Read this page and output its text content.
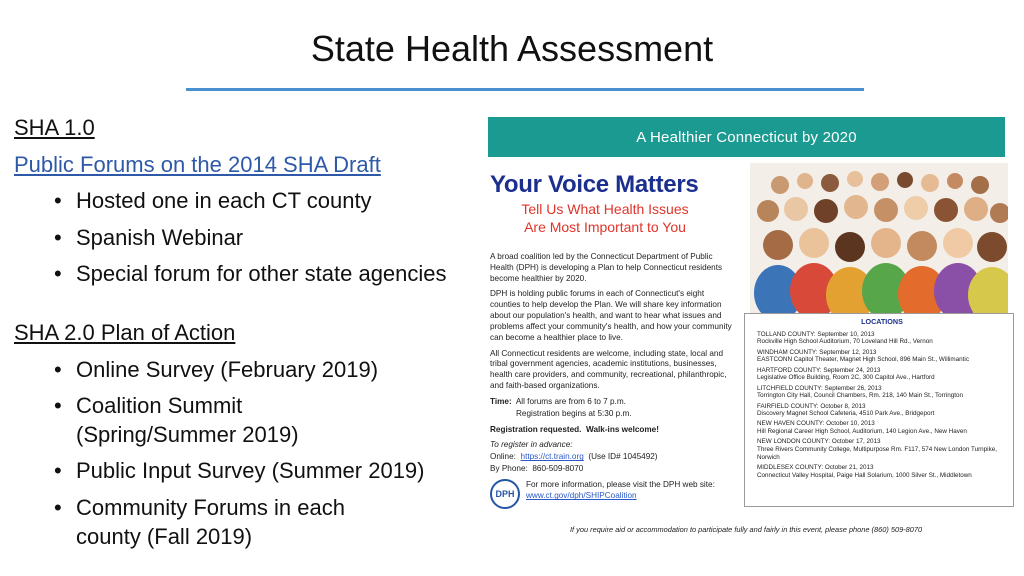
State Health Assessment

SHA 1.0

Public Forums on the 2014 SHA Draft

• Hosted one in each CT county
• Spanish Webinar
• Special forum for other state agencies

SHA 2.0 Plan of Action

• Online Survey (February 2019)
• Coalition Summit (Spring/Summer 2019)
• Public Input Survey (Summer 2019)
• Community Forums in each county (Fall 2019)
A Healthier Connecticut by 2020
Your Voice Matters
Tell Us What Health Issues
Are Most Important to You

A broad coalition led by the Connecticut Department of Public Health (DPH) is developing a Plan to help Connecticut residents become healthier by 2020.

DPH is holding public forums in each of Connecticut's eight counties to help develop the Plan. We will share key information about our population's health, and want to hear what issues and problems affect your community's health, and how your community can become a healthier place to live.

All Connecticut residents are welcome, including state, local and tribal government agencies, academic institutions, businesses, health care providers, and community, recreational, philanthropic, and faith-based organizations.

Time: All forums are from 6 to 7 p.m.

Registration begins at 5:30 p.m.

Registration requested. Walk-ins welcome!

To register in advance:

Online: https://ct.train.org (Use ID# 1045492)

By Phone: 860-509-8070

DPH
For more information, please visit the DPH web site:
www.ct.gov/dph/SHIPCoalition
LOCATIONS
TOLLAND COUNTY: September 10, 2013
Rockville High School Auditorium, 70 Loveland Hill Rd., Vernon
WINDHAM COUNTY: September 12, 2013
EASTCONN Capitol Theater, Magnet High School, 896 Main St., Willimantic
HARTFORD COUNTY: September 24, 2013
Legislative Office Building, Room 2C, 300 Capitol Ave., Hartford
LITCHFIELD COUNTY: September 26, 2013
Torrington City Hall, Council Chambers, Rm. 218, 140 Main St., Torrington
FAIRFIELD COUNTY: October 8, 2013
Discovery Magnet School Cafeteria, 4510 Park Ave., Bridgeport
NEW HAVEN COUNTY: October 10, 2013
Hill Regional Career High School, Auditorium, 140 Legion Ave., New Haven
NEW LONDON COUNTY: October 17, 2013
Three Rivers Community College, Multipurpose Rm. F117, 574 New London Turnpike, Norwich
MIDDLESEX COUNTY: October 21, 2013
Connecticut Valley Hospital, Paige Hall Solarium, 1000 Silver St., Middletown
If you require aid or accommodation to participate fully and fairly in this event, please phone (860) 509-8070
